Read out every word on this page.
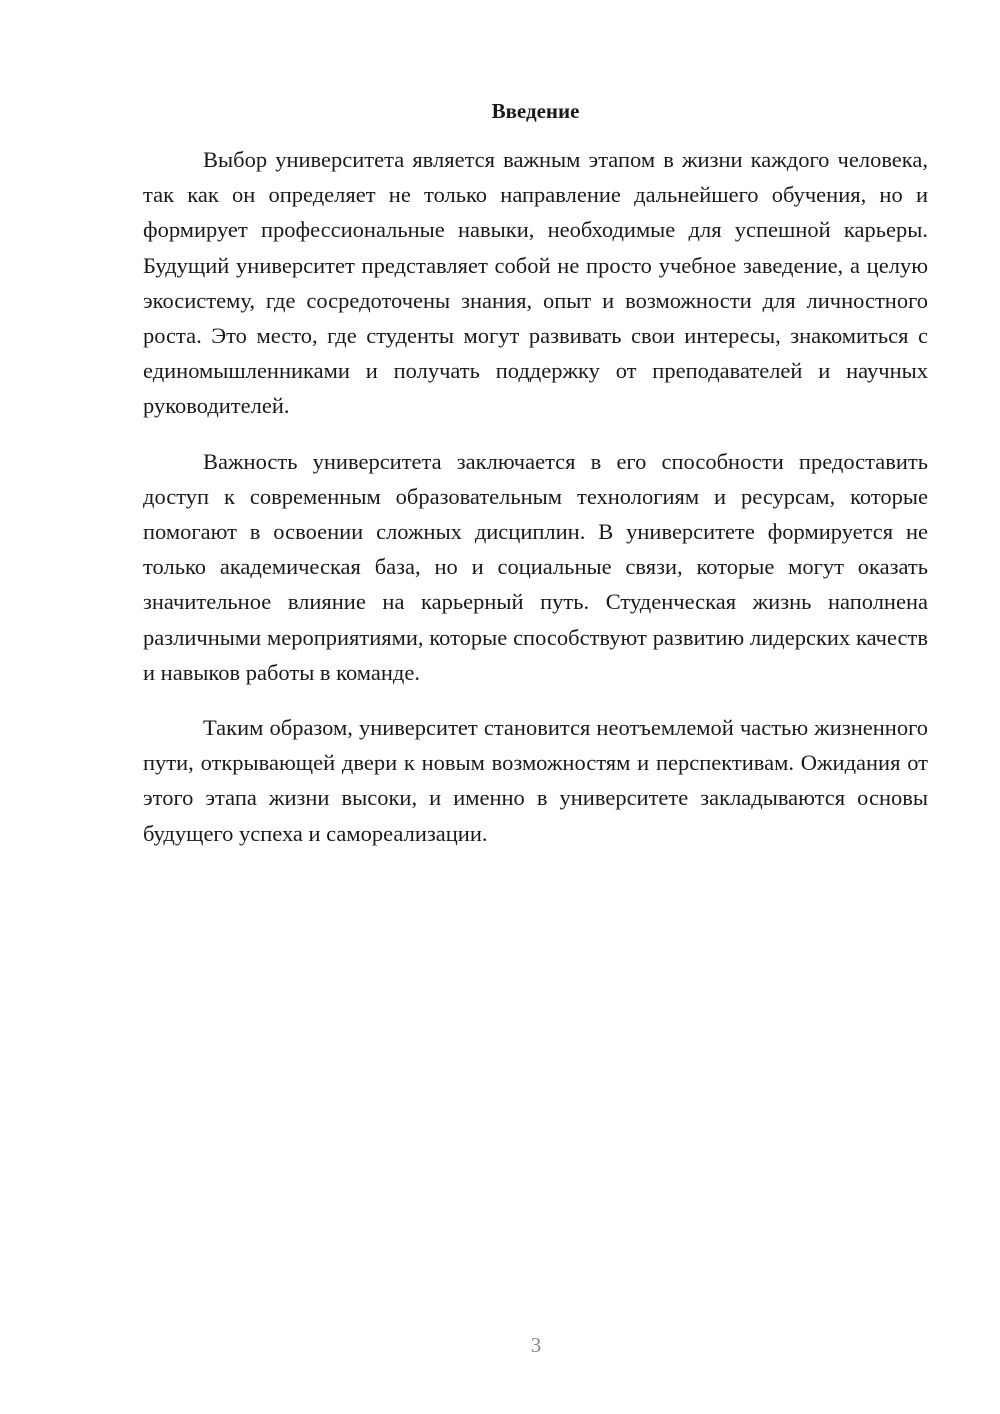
Введение

Выбор университета является важным этапом в жизни каждого человека, так как он определяет не только направление дальнейшего обучения, но и формирует профессиональные навыки, необходимые для успешной карьеры. Будущий университет представляет собой не просто учебное заведение, а целую экосистему, где сосредоточены знания, опыт и возможности для личностного роста. Это место, где студенты могут развивать свои интересы, знакомиться с единомышленниками и получать поддержку от преподавателей и научных руководителей.

Важность университета заключается в его способности предоставить доступ к современным образовательным технологиям и ресурсам, которые помогают в освоении сложных дисциплин. В университете формируется не только академическая база, но и социальные связи, которые могут оказать значительное влияние на карьерный путь. Студенческая жизнь наполнена различными мероприятиями, которые способствуют развитию лидерских качеств и навыков работы в команде.

Таким образом, университет становится неотъемлемой частью жизненного пути, открывающей двери к новым возможностям и перспективам. Ожидания от этого этапа жизни высоки, и именно в университете закладываются основы будущего успеха и самореализации.

3
